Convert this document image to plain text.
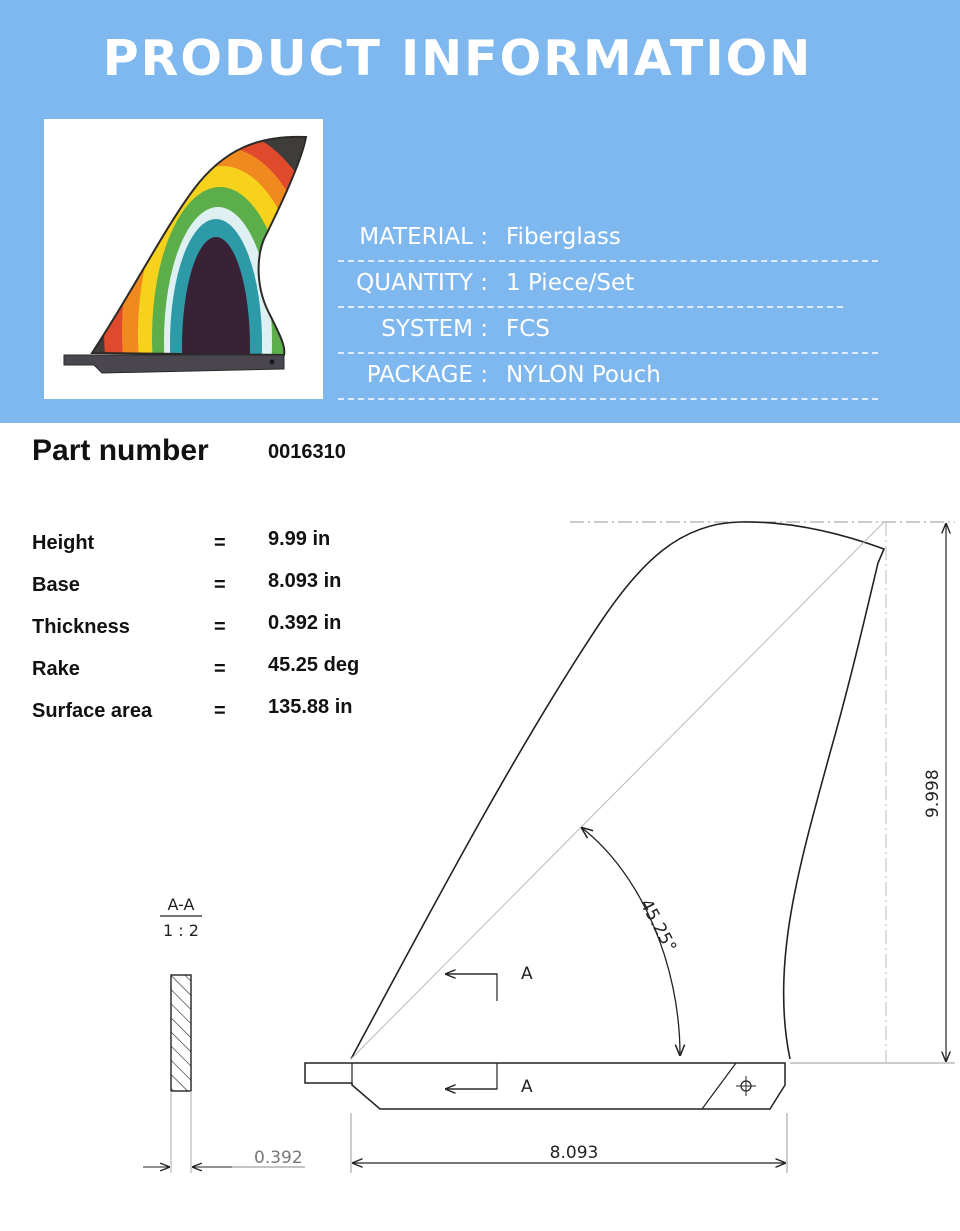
PRODUCT INFORMATION
MATERIAL : Fiberglass
QUANTITY : 1 Piece/Set
SYSTEM : FCS
PACKAGE : NYLON Pouch
Part number	0016310
Height	= 9.99 in
Base	= 8.093 in
Thickness	= 0.392 in
Rake	= 45.25 deg
Surface area	= 135.88 in
A
A
45.25°
9.998
8.093
A-A
1 : 2
0.392
